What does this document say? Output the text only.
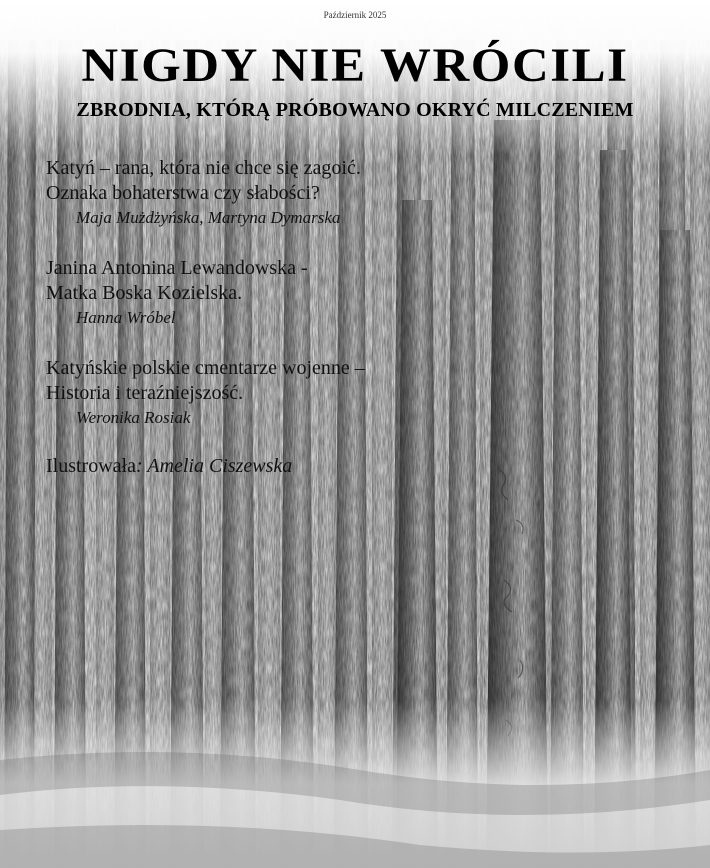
Październik 2025
NIGDY NIE WRÓCILI
ZBRODNIA, KTÓRĄ PRÓBOWANO OKRYĆ MILCZENIEM
Katyń – rana, która nie chce się zagoić.
Oznaka bohaterstwa czy słabości?
Maja Mużdżyńska, Martyna Dymarska
Janina Antonina Lewandowska -
Matka Boska Kozielska.
Hanna Wróbel
Katyńskie polskie cmentarze wojenne –
Historia i teraźniejszość.
Weronika Rosiak
Ilustrowała: Amelia Ciszewska
